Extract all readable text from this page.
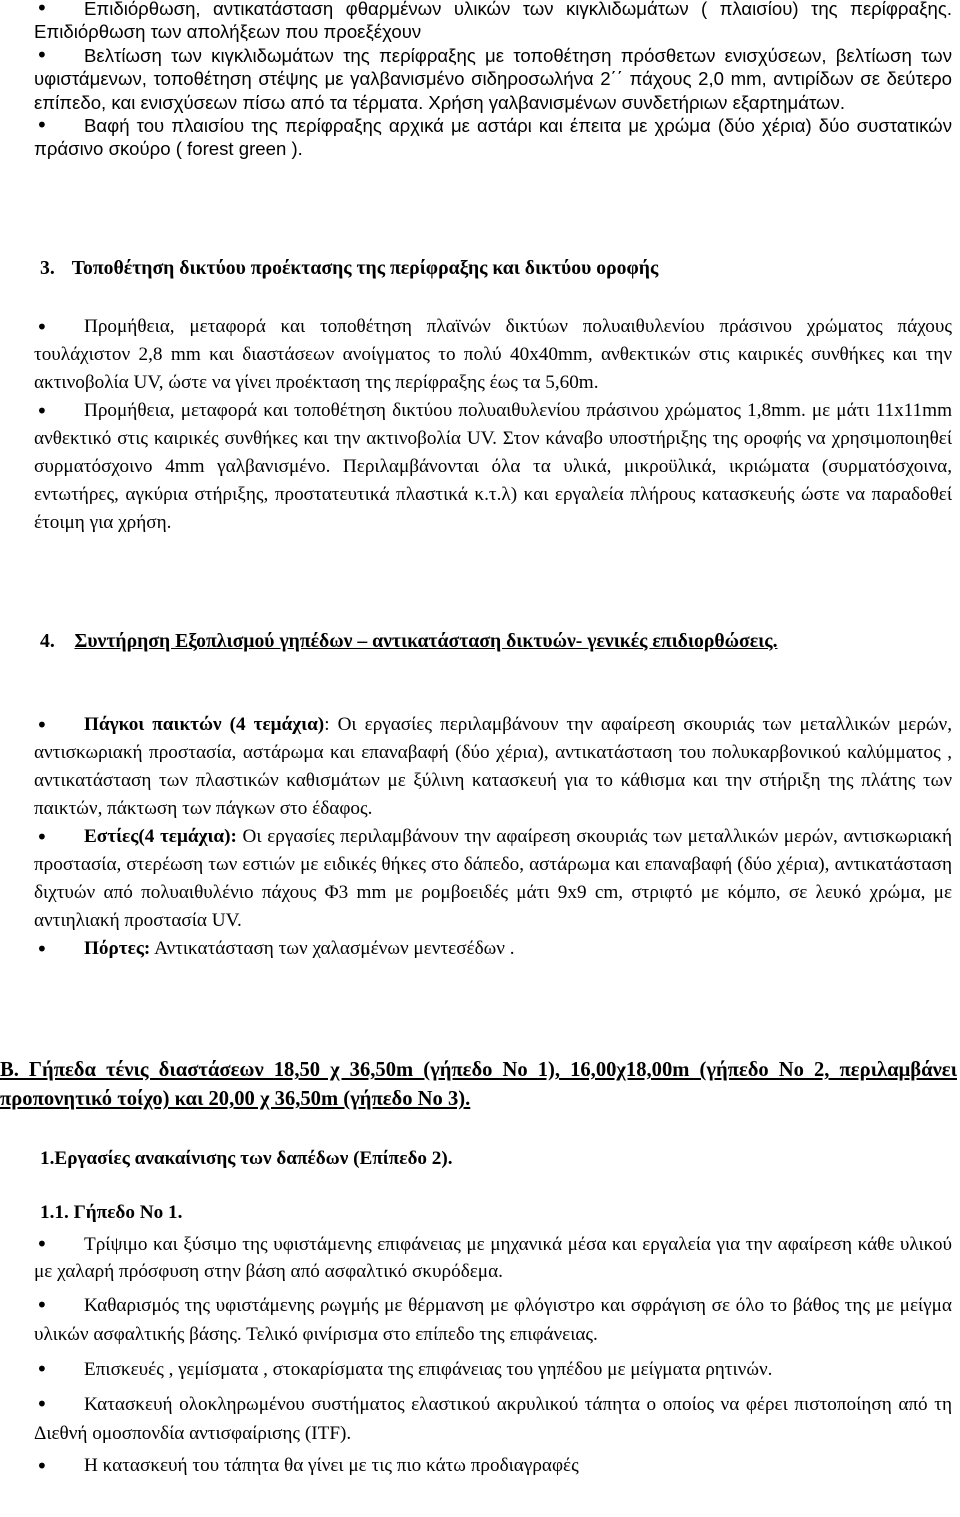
• Επιδιόρθωση, αντικατάσταση φθαρμένων υλικών των κιγκλιδωμάτων ( πλαισίου) της περίφραξης. Επιδιόρθωση των απολήξεων που προεξέχουν

• Βελτίωση των κιγκλιδωμάτων της περίφραξης με τοποθέτηση πρόσθετων ενισχύσεων, βελτίωση των υφιστάμενων, τοποθέτηση στέψης με γαλβανισμένο σιδηροσωλήνα 2΄΄ πάχους 2,0 mm, αντιρίδων σε δεύτερο επίπεδο, και ενισχύσεων πίσω από τα τέρματα. Χρήση γαλβανισμένων συνδετήριων εξαρτημάτων.

• Βαφή του πλαισίου της περίφραξης αρχικά με αστάρι και έπειτα με χρώμα (δύο χέρια) δύο συστατικών πράσινο σκούρο ( forest green ).

3. Τοποθέτηση δικτύου προέκτασης της περίφραξης και δικτύου οροφής

• Προμήθεια, μεταφορά και τοποθέτηση πλαϊνών δικτύων πολυαιθυλενίου πράσινου χρώματος πάχους τουλάχιστον 2,8 mm και διαστάσεων ανοίγματος το πολύ 40x40mm, ανθεκτικών στις καιρικές συνθήκες και την ακτινοβολία UV, ώστε να γίνει προέκταση της περίφραξης έως τα 5,60m.

• Προμήθεια, μεταφορά και τοποθέτηση δικτύου πολυαιθυλενίου πράσινου χρώματος 1,8mm. με μάτι 11x11mm ανθεκτικό στις καιρικές συνθήκες και την ακτινοβολία UV. Στον κάναβο υποστήριξης της οροφής να χρησιμοποιηθεί συρματόσχοινο 4mm γαλβανισμένο. Περιλαμβάνονται όλα τα υλικά, μικροϋλικά, ικριώματα (συρματόσχοινα, εντωτήρες, αγκύρια στήριξης, προστατευτικά πλαστικά κ.τ.λ) και εργαλεία πλήρους κατασκευής ώστε να παραδοθεί έτοιμη για χρήση.

4. Συντήρηση Εξοπλισμού γηπέδων – αντικατάσταση δικτυών- γενικές επιδιορθώσεις.

• Πάγκοι παικτών (4 τεμάχια): Οι εργασίες περιλαμβάνουν την αφαίρεση σκουριάς των μεταλλικών μερών, αντισκωριακή προστασία, αστάρωμα και επαναβαφή (δύο χέρια), αντικατάσταση του πολυκαρβονικού καλύμματος , αντικατάσταση των πλαστικών καθισμάτων με ξύλινη κατασκευή για το κάθισμα και την στήριξη της πλάτης των παικτών, πάκτωση των πάγκων στο έδαφος.

• Εστίες(4 τεμάχια): Οι εργασίες περιλαμβάνουν την αφαίρεση σκουριάς των μεταλλικών μερών, αντισκωριακή προστασία, στερέωση των εστιών με ειδικές θήκες στο δάπεδο, αστάρωμα και επαναβαφή (δύο χέρια), αντικατάσταση διχτυών από πολυαιθυλένιο πάχους Φ3 mm με ρομβοειδές μάτι 9x9 cm, στριφτό με κόμπο, σε λευκό χρώμα, με αντιηλιακή προστασία UV.

• Πόρτες: Αντικατάσταση των χαλασμένων μεντεσέδων .

B. Γήπεδα τένις διαστάσεων 18,50 χ 36,50m (γήπεδο Νο 1), 16,00χ18,00m (γήπεδο Νο 2, περιλαμβάνει προπονητικό τοίχο) και 20,00 χ 36,50m (γήπεδο Νο 3).
1.Εργασίες ανακαίνισης των δαπέδων (Επίπεδο 2).
1.1. Γήπεδο Νο 1.

• Τρίψιμο και ξύσιμο της υφιστάμενης επιφάνειας με μηχανικά μέσα και εργαλεία για την αφαίρεση κάθε υλικού με χαλαρή πρόσφυση στην βάση από ασφαλτικό σκυρόδεμα.

• Καθαρισμός της υφιστάμενης ρωγμής με θέρμανση με φλόγιστρο και σφράγιση σε όλο το βάθος της με μείγμα υλικών ασφαλτικής βάσης. Τελικό φινίρισμα στο επίπεδο της επιφάνειας.

• Επισκευές , γεμίσματα , στοκαρίσματα της επιφάνειας του γηπέδου με μείγματα ρητινών.

• Κατασκευή ολοκληρωμένου συστήματος ελαστικού ακρυλικού τάπητα ο οποίος να φέρει πιστοποίηση από τη Διεθνή ομοσπονδία αντισφαίρισης (ITF).

• Η κατασκευή του τάπητα θα γίνει με τις πιο κάτω προδιαγραφές
